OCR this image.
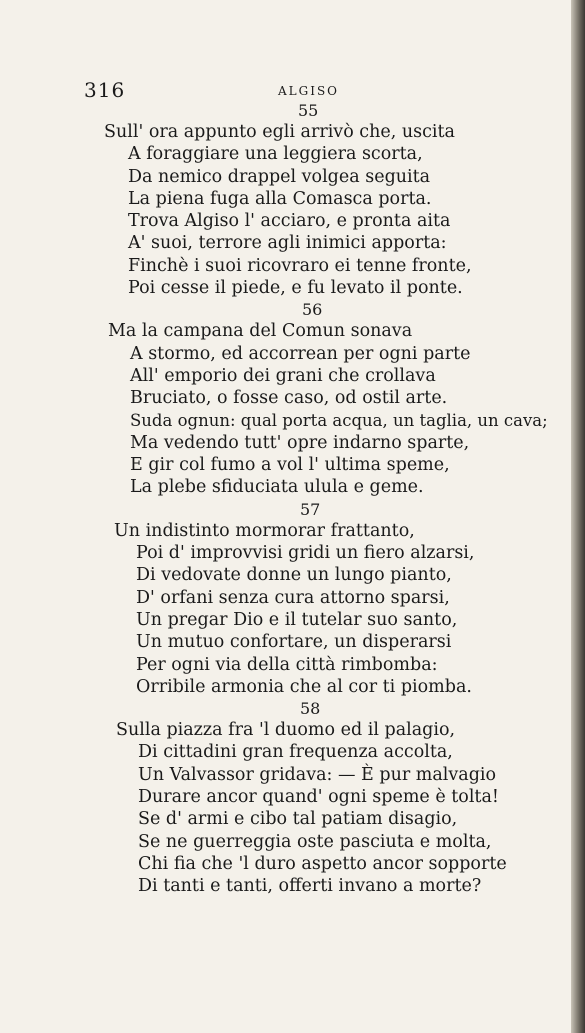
316	ALGISO
55
Sull' ora appunto egli arrivò che, uscita
A foraggiare una leggiera scorta,
Da nemico drappel volgea seguita
La piena fuga alla Comasca porta.
Trova Algiso l' acciaro, e pronta aita
A' suoi, terrore agli inimici apporta:
Finchè i suoi ricovraro ei tenne fronte,
Poi cesse il piede, e fu levato il ponte.
56
Ma la campana del Comun sonava
A stormo, ed accorrean per ogni parte
All' emporio dei grani che crollava
Bruciato, o fosse caso, od ostil arte.
Suda ognun: qual porta acqua, un taglia, un cava;
Ma vedendo tutt' opre indarno sparte,
E gir col fumo a vol l' ultima speme,
La plebe sfiduciata ulula e geme.
57
Un indistinto mormorar frattanto,
Poi d' improvvisi gridi un fiero alzarsi,
Di vedovate donne un lungo pianto,
D' orfani senza cura attorno sparsi,
Un pregar Dio e il tutelar suo santo,
Un mutuo confortare, un disperarsi
Per ogni via della città rimbomba:
Orribile armonia che al cor ti piomba.
58
Sulla piazza fra 'l duomo ed il palagio,
Di cittadini gran frequenza accolta,
Un Valvassor gridava: — È pur malvagio
Durare ancor quand' ogni speme è tolta!
Se d' armi e cibo tal patiam disagio,
Se ne guerreggia oste pasciuta e molta,
Chi fia che 'l duro aspetto ancor sopporte
Di tanti e tanti, offerti invano a morte?
